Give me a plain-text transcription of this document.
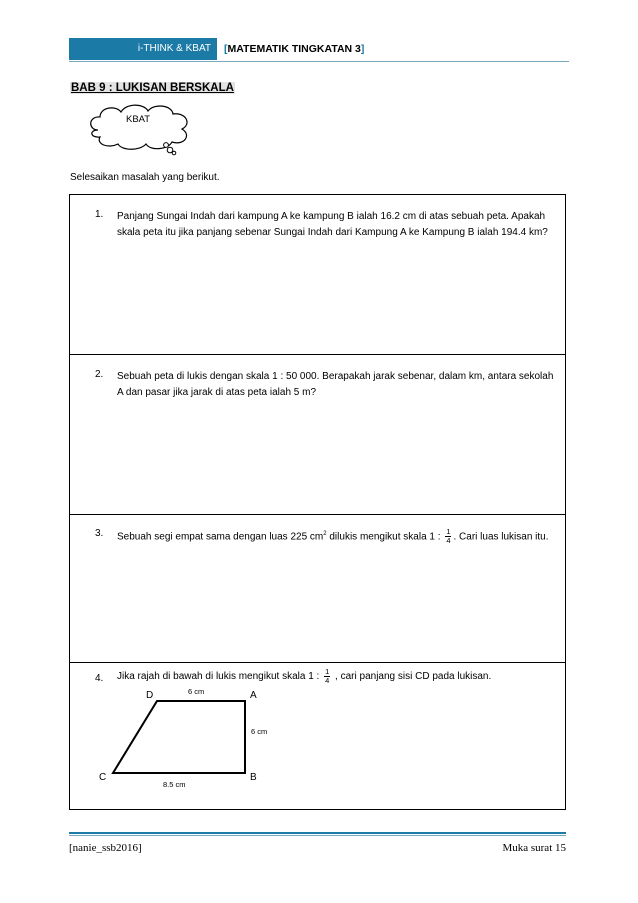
i-THINK & KBAT	[MATEMATIK TINGKATAN 3]
BAB 9 : LUKISAN BERSKALA
KBAT
Selesaikan masalah yang berikut.
1. Panjang Sungai Indah dari kampung A ke kampung B ialah 16.2 cm di atas sebuah peta. Apakah skala peta itu jika panjang sebenar Sungai Indah dari Kampung A ke Kampung B ialah 194.4 km?
2. Sebuah peta di lukis dengan skala 1 : 50 000. Berapakah jarak sebenar, dalam km, antara sekolah A dan pasar jika jarak di atas peta ialah 5 m?
3. Sebuah segi empat sama dengan luas 225 $cm^2$ dilukis mengikut skala 1 : $\frac{1}{4}$ . Cari luas lukisan itu.
4. Jika rajah di bawah di lukis mengikut skala 1 : $\frac{1}{4}$ , cari panjang sisi CD pada lukisan.
D	A
B
C
6 cm
6 cm
8.5 cm
[nanie_ssb2016]	Muka surat 15
